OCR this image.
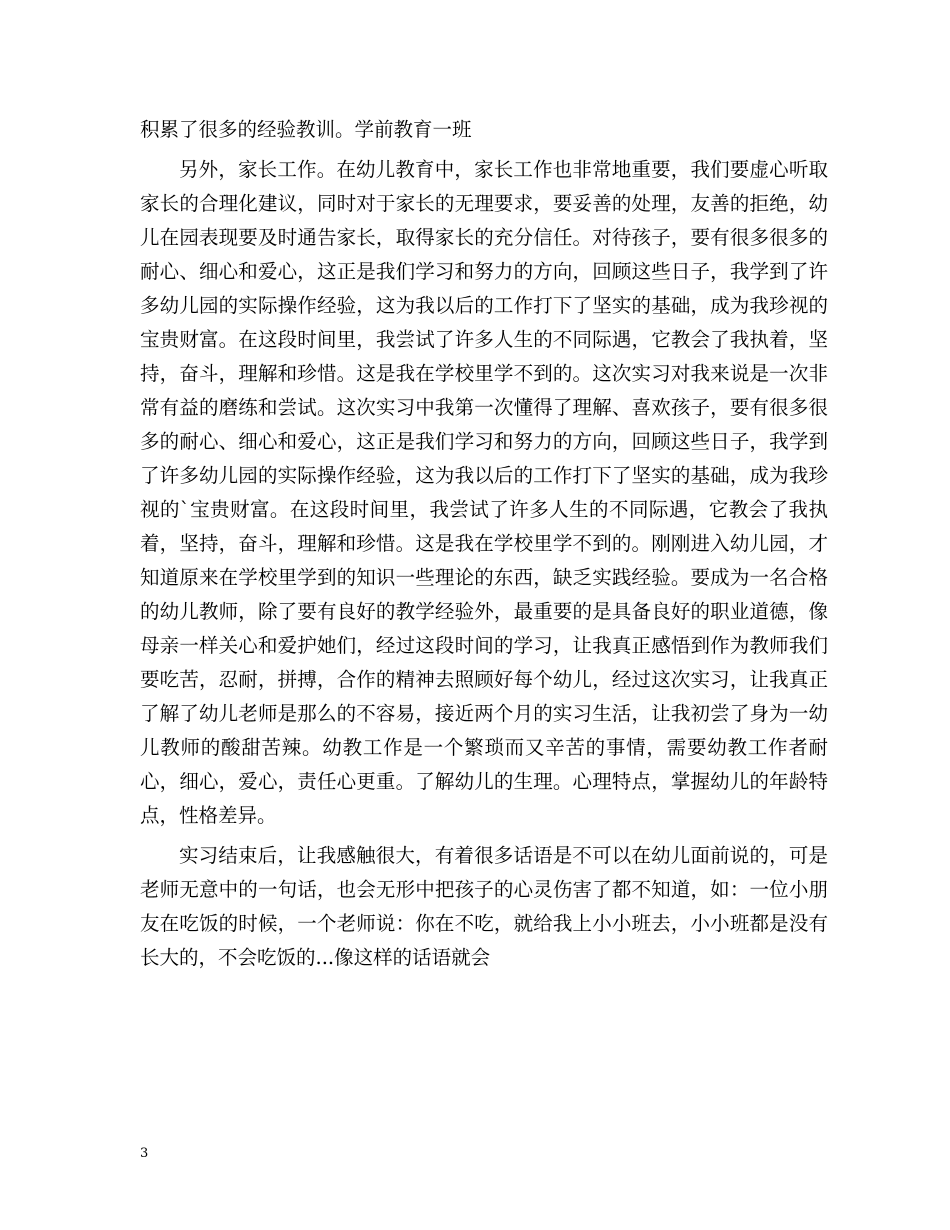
积累了很多的经验教训。学前教育一班

另外，家长工作。在幼儿教育中，家长工作也非常地重要，我们要虚心听取家长的合理化建议，同时对于家长的无理要求，要妥善的处理，友善的拒绝，幼儿在园表现要及时通告家长，取得家长的充分信任。对待孩子，要有很多很多的耐心、细心和爱心，这正是我们学习和努力的方向，回顾这些日子，我学到了许多幼儿园的实际操作经验，这为我以后的工作打下了坚实的基础，成为我珍视的宝贵财富。在这段时间里，我尝试了许多人生的不同际遇，它教会了我执着，坚持，奋斗，理解和珍惜。这是我在学校里学不到的。这次实习对我来说是一次非常有益的磨练和尝试。这次实习中我第一次懂得了理解、喜欢孩子，要有很多很多的耐心、细心和爱心，这正是我们学习和努力的方向，回顾这些日子，我学到了许多幼儿园的实际操作经验，这为我以后的工作打下了坚实的基础，成为我珍视的`宝贵财富。在这段时间里，我尝试了许多人生的不同际遇，它教会了我执着，坚持，奋斗，理解和珍惜。这是我在学校里学不到的。刚刚进入幼儿园，才知道原来在学校里学到的知识一些理论的东西，缺乏实践经验。要成为一名合格的幼儿教师，除了要有良好的教学经验外，最重要的是具备良好的职业道德，像母亲一样关心和爱护她们，经过这段时间的学习，让我真正感悟到作为教师我们要吃苦，忍耐，拼搏，合作的精神去照顾好每个幼儿，经过这次实习，让我真正了解了幼儿老师是那么的不容易，接近两个月的实习生活，让我初尝了身为一幼儿教师的酸甜苦辣。幼教工作是一个繁琐而又辛苦的事情，需要幼教工作者耐心，细心，爱心，责任心更重。了解幼儿的生理。心理特点，掌握幼儿的年龄特点，性格差异。

实习结束后，让我感触很大，有着很多话语是不可以在幼儿面前说的，可是老师无意中的一句话，也会无形中把孩子的心灵伤害了都不知道，如：一位小朋友在吃饭的时候，一个老师说：你在不吃，就给我上小小班去，小小班都是没有长大的，不会吃饭的...像这样的话语就会

3
